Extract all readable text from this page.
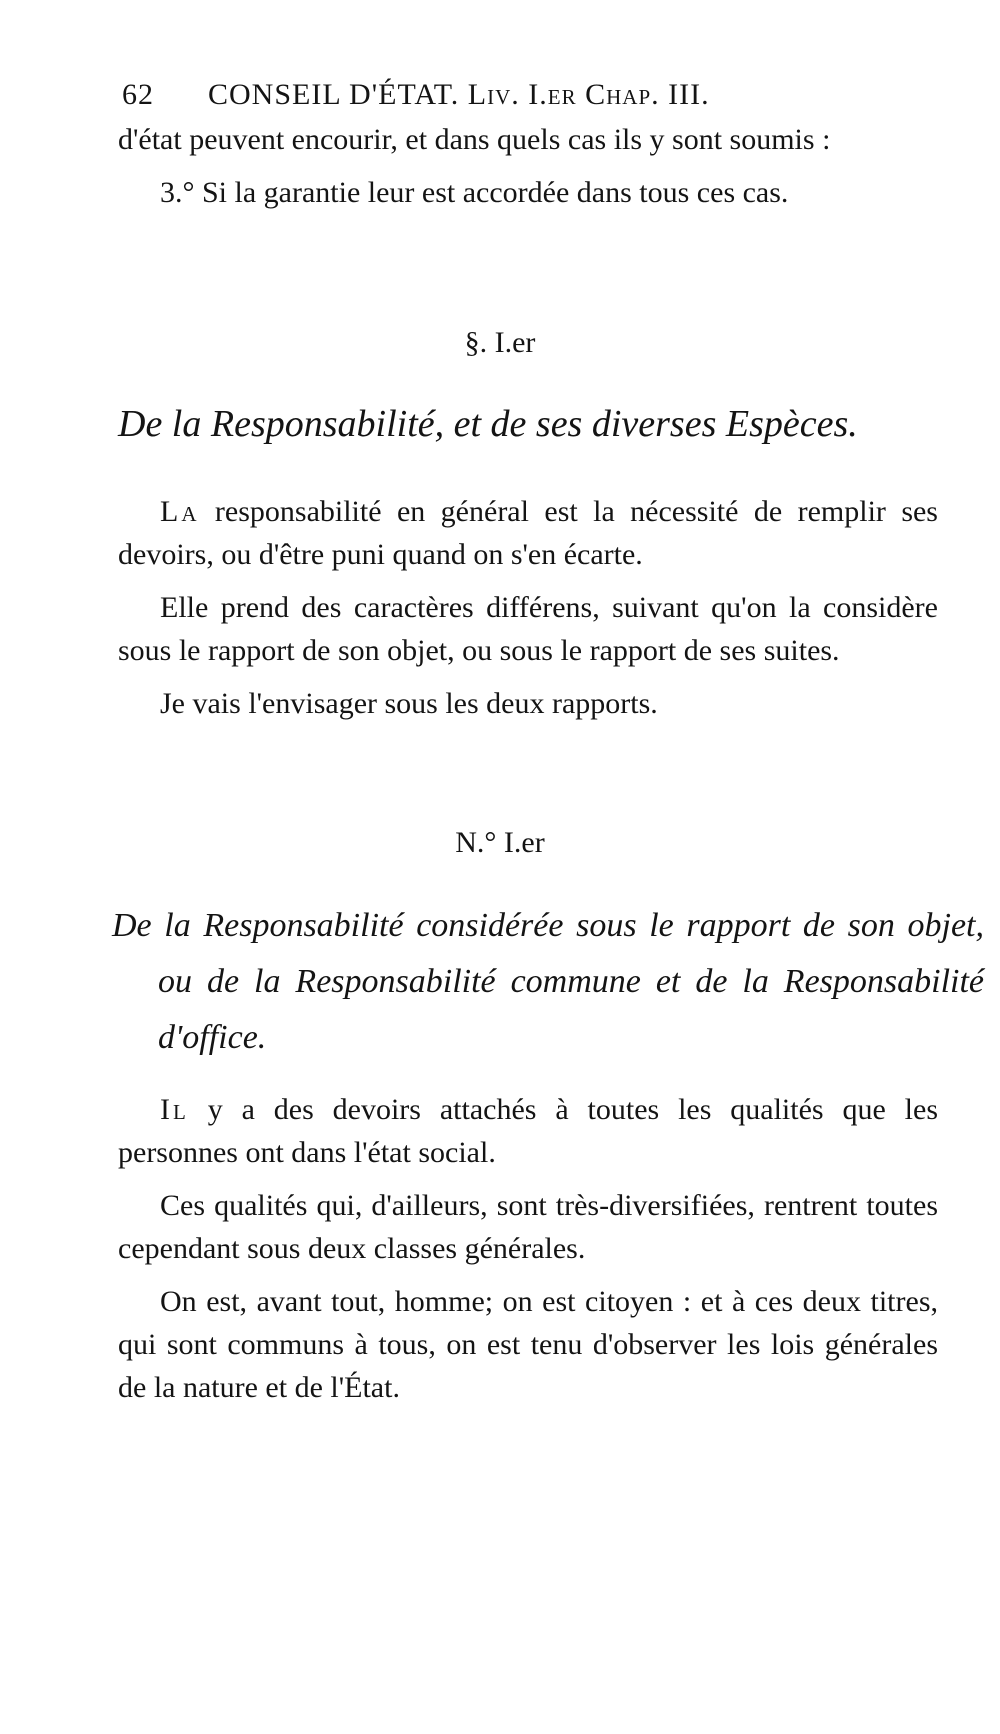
62 CONSEIL D'ÉTAT. Liv. I.er Chap. III.

d'état peuvent encourir, et dans quels cas ils y sont soumis :

3.° Si la garantie leur est accordée dans tous ces cas.

§. I.er
De la Responsabilité, et de ses diverses Espèces.

La responsabilité en général est la nécessité de remplir ses devoirs, ou d'être puni quand on s'en écarte.

Elle prend des caractères différens, suivant qu'on la considère sous le rapport de son objet, ou sous le rapport de ses suites.

Je vais l'envisager sous les deux rapports.

N.° I.er
De la Responsabilité considérée sous le rapport de son objet, ou de la Responsabilité commune et de la Responsabilité d'office.

Il y a des devoirs attachés à toutes les qualités que les personnes ont dans l'état social.

Ces qualités qui, d'ailleurs, sont très-diversifiées, rentrent toutes cependant sous deux classes générales.

On est, avant tout, homme; on est citoyen : et à ces deux titres, qui sont communs à tous, on est tenu d'observer les lois générales de la nature et de l'État.
